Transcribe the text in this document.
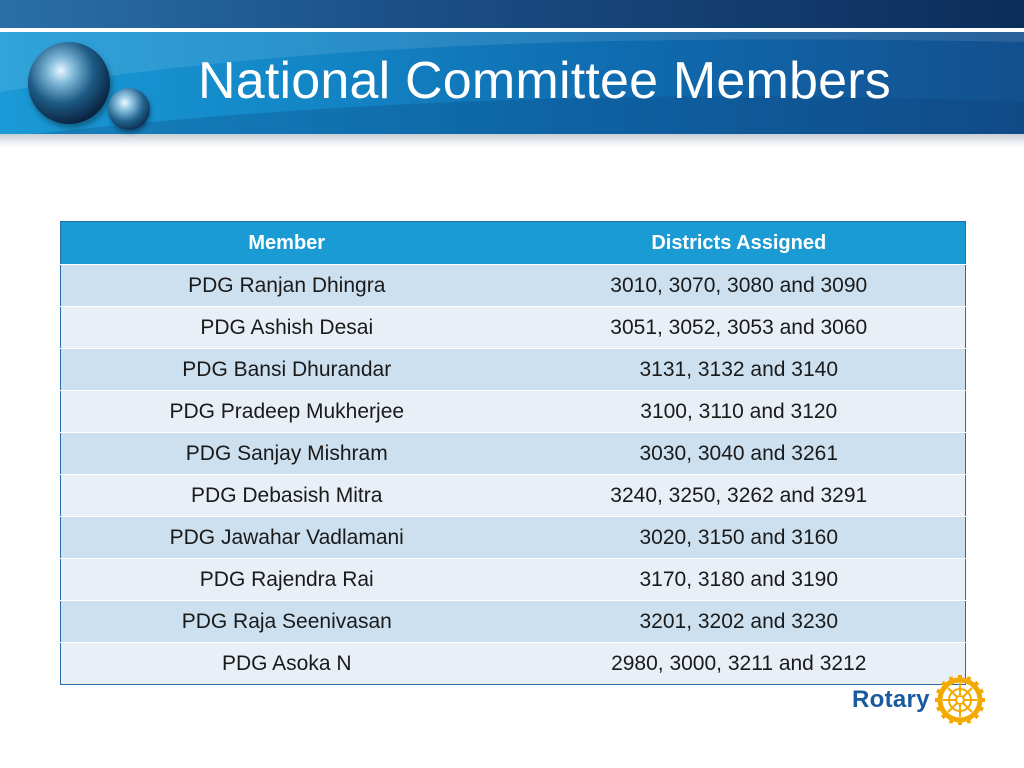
National Committee Members
Member	Districts Assigned
PDG Ranjan Dhingra	3010, 3070, 3080 and 3090
PDG Ashish Desai	3051, 3052, 3053 and 3060
PDG Bansi Dhurandar	3131, 3132 and 3140
PDG Pradeep Mukherjee	3100, 3110 and 3120
PDG Sanjay Mishram	3030, 3040 and 3261
PDG Debasish Mitra	3240, 3250, 3262 and 3291
PDG Jawahar Vadlamani	3020, 3150 and 3160
PDG Rajendra Rai	3170, 3180 and 3190
PDG Raja Seenivasan	3201, 3202 and 3230
PDG Asoka N	2980, 3000, 3211 and 3212
Rotary
